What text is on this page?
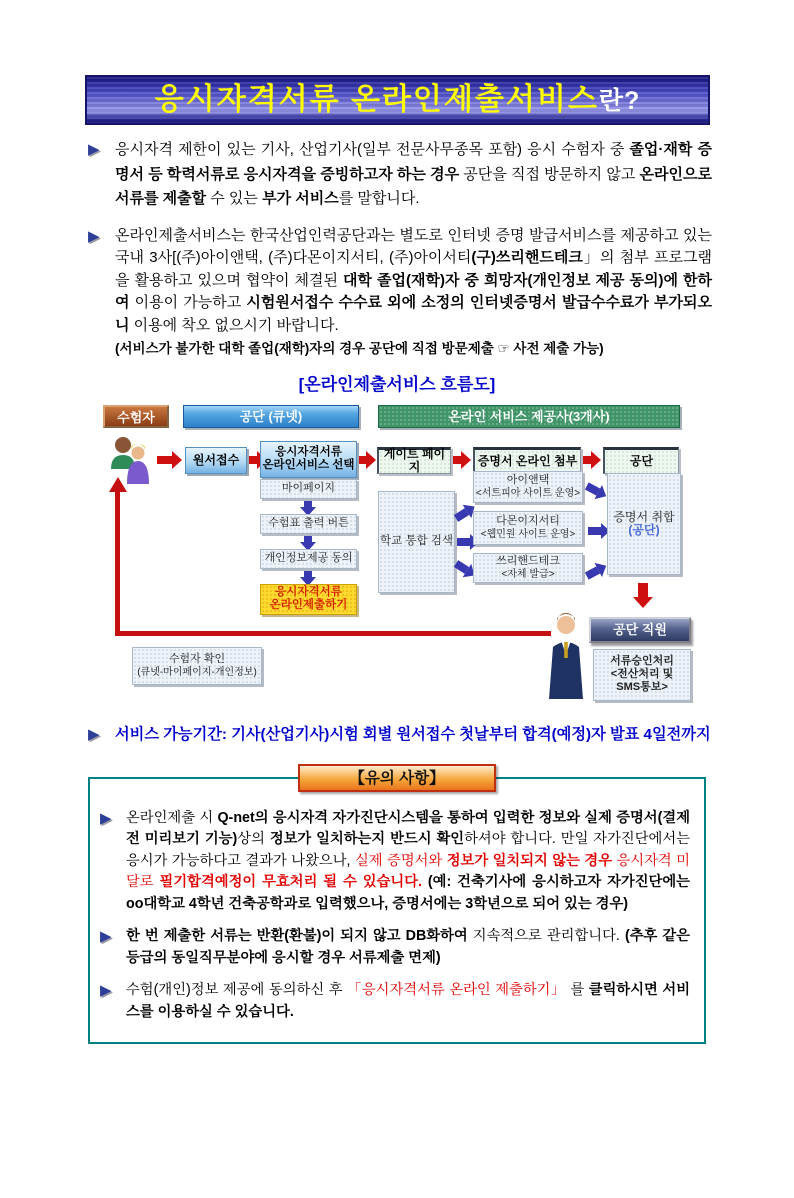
응시자격서류 온라인제출서비스란?
▶	응시자격 제한이 있는 기사, 산업기사(일부 전문사무종목 포함) 응시 수험자 중 졸업·재학 증명서 등 학력서류로 응시자격을 증빙하고자 하는 경우 공단을 직접 방문하지 않고 온라인으로 서류를 제출할 수 있는 부가 서비스를 말합니다.
▶	온라인제출서비스는 한국산업인력공단과는 별도로 인터넷 증명 발급서비스를 제공하고 있는 국내 3사[(주)아이앤택, (주)다몬이지서티, (주)아이서티(구)쓰리핸드테크」의 첨부 프로그램을 활용하고 있으며 협약이 체결된 대학 졸업(재학)자 중 희망자(개인정보 제공 동의)에 한하여 이용이 가능하고 시험원서접수 수수료 외에 소정의 인터넷증명서 발급수수료가 부가되오니 이용에 착오 없으시기 바랍니다.
(서비스가 불가한 대학 졸업(재학)자의 경우 공단에 직접 방문제출 ☞ 사전 제출 가능)
[온라인제출서비스 흐름도]
수험자	공단 (큐넷)	온라인 서비스 제공사(3개사)
원서접수
응시자격서류
온라인서비스 선택
게이트 페이지	증명서 온라인 첨부	공단
마이페이지
수험표 출력 버튼
개인정보제공 동의
응시자격서류
온라인제출하기
학교 통합 검색
아이앤택
<서트피아 사이트 운영>
다몬이지서티
<웹민원 사이트 운영>
쓰리핸드테크
<자체 발급>
증명서 취합
(공단)
공단 직원
서류승인처리
<전산처리 및
SMS통보>
수험자 확인
(큐넷-마이페이지-개인정보)
▶	서비스 가능기간: 기사(산업기사)시험 회별 원서접수 첫날부터 합격(예정)자 발표 4일전까지
【유의 사항】
▶	온라인제출 시 Q-net의 응시자격 자가진단시스템을 통하여 입력한 정보와 실제 증명서(결제 전 미리보기 기능)상의 정보가 일치하는지 반드시 확인하셔야 합니다. 만일 자가진단에서는 응시가 가능하다고 결과가 나왔으나, 실제 증명서와 정보가 일치되지 않는 경우 응시자격 미달로 필기합격예정이 무효처리 될 수 있습니다. (예: 건축기사에 응시하고자 자가진단에는 oo대학교 4학년 건축공학과로 입력했으나, 증명서에는 3학년으로 되어 있는 경우)
▶	한 번 제출한 서류는 반환(환불)이 되지 않고 DB화하여 지속적으로 관리합니다. (추후 같은 등급의 동일직무분야에 응시할 경우 서류제출 면제)
▶	수험(개인)정보 제공에 동의하신 후 「응시자격서류 온라인 제출하기」 를 클릭하시면 서비스를 이용하실 수 있습니다.
